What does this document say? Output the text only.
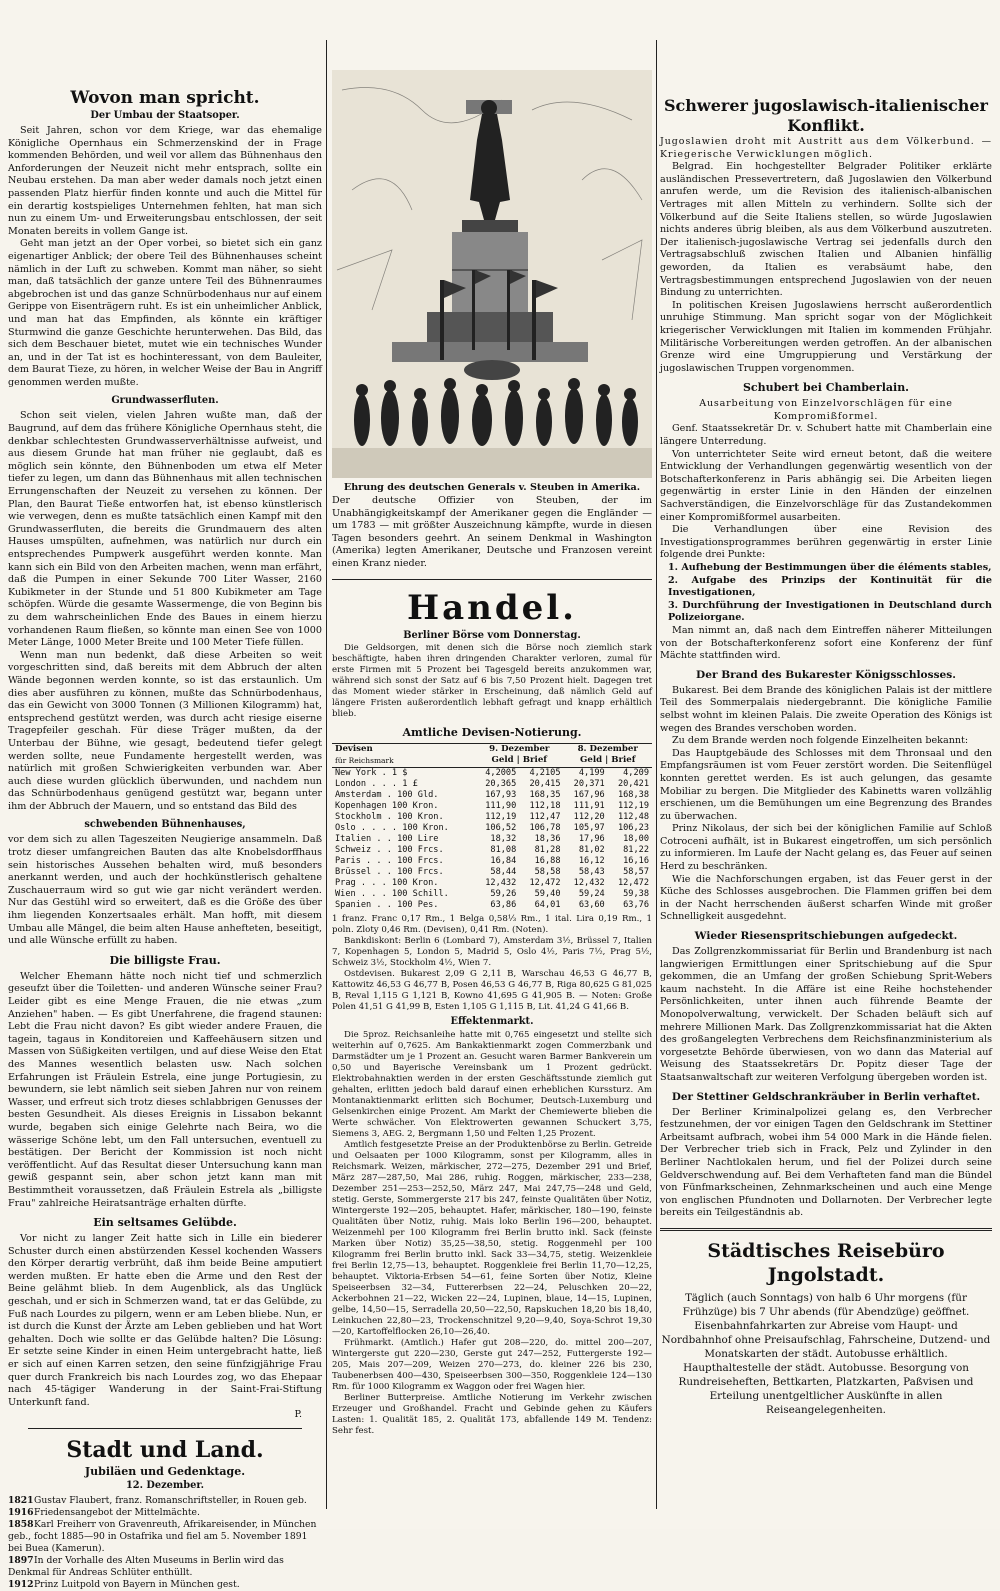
Wovon man spricht.
Der Umbau der Staatsoper.

Seit Jahren, schon vor dem Kriege, war das ehemalige Königliche Opernhaus ein Schmerzenskind der in Frage kommenden Behörden, und weil vor allem das Bühnenhaus den Anforderungen der Neuzeit nicht mehr entsprach, sollte ein Neubau erstehen. Da man aber weder damals noch jetzt einen passenden Platz hierfür finden konnte und auch die Mittel für ein derartig kostspieliges Unternehmen fehlten, hat man sich nun zu einem Um- und Erweiterungsbau entschlossen, der seit Monaten bereits in vollem Gange ist.

Geht man jetzt an der Oper vorbei, so bietet sich ein ganz eigenartiger Anblick; der obere Teil des Bühnenhauses scheint nämlich in der Luft zu schweben. Kommt man näher, so sieht man, daß tatsächlich der ganze untere Teil des Bühnenraumes abgebrochen ist und das ganze Schnürbodenhaus nur auf einem Gerippe von Eisenträgern ruht. Es ist ein unheimlicher Anblick, und man hat das Empfinden, als könnte ein kräftiger Sturmwind die ganze Geschichte herunterwehen. Das Bild, das sich dem Beschauer bietet, mutet wie ein technisches Wunder an, und in der Tat ist es hochinteressant, von dem Bauleiter, dem Baurat Tieze, zu hören, in welcher Weise der Bau in Angriff genommen werden mußte.

Grundwasserfluten.

Schon seit vielen, vielen Jahren wußte man, daß der Baugrund, auf dem das frühere Königliche Opernhaus steht, die denkbar schlechtesten Grundwasserverhältnisse aufweist, und aus diesem Grunde hat man früher nie geglaubt, daß es möglich sein könnte, den Bühnenboden um etwa elf Meter tiefer zu legen, um dann das Bühnenhaus mit allen technischen Errungenschaften der Neuzeit zu versehen zu können. Der Plan, den Baurat Tieße entworfen hat, ist ebenso künstlerisch wie verwegen, denn es mußte tatsächlich einen Kampf mit den Grundwasserfluten, die bereits die Grundmauern des alten Hauses umspülten, aufnehmen, was natürlich nur durch ein entsprechendes Pumpwerk ausgeführt werden konnte. Man kann sich ein Bild von den Arbeiten machen, wenn man erfährt, daß die Pumpen in einer Sekunde 700 Liter Wasser, 2160 Kubikmeter in der Stunde und 51 800 Kubikmeter am Tage schöpfen. Würde die gesamte Wassermenge, die von Beginn bis zu dem wahrscheinlichen Ende des Baues in einem hierzu vorhandenen Raum fließen, so könnte man einen See von 1000 Meter Länge, 1000 Meter Breite und 100 Meter Tiefe füllen.

Wenn man nun bedenkt, daß diese Arbeiten so weit vorgeschritten sind, daß bereits mit dem Abbruch der alten Wände begonnen werden konnte, so ist das erstaunlich. Um dies aber ausführen zu können, mußte das Schnürbodenhaus, das ein Gewicht von 3000 Tonnen (3 Millionen Kilogramm) hat, entsprechend gestützt werden, was durch acht riesige eiserne Tragepfeiler geschah. Für diese Träger mußten, da der Unterbau der Bühne, wie gesagt, bedeutend tiefer gelegt werden sollte, neue Fundamente hergestellt werden, was natürlich mit großen Schwierigkeiten verbunden war. Aber auch diese wurden glücklich überwunden, und nachdem nun das Schnürbodenhaus genügend gestützt war, begann unter ihm der Abbruch der Mauern, und so entstand das Bild des

schwebenden Bühnenhauses,

vor dem sich zu allen Tageszeiten Neugierige ansammeln. Daß trotz dieser umfangreichen Bauten das alte Knobelsdorffhaus sein historisches Aussehen behalten wird, muß besonders anerkannt werden, und auch der hochkünstlerisch gehaltene Zuschauerraum wird so gut wie gar nicht verändert werden. Nur das Gestühl wird so erweitert, daß es die Größe des über ihm liegenden Konzertsaales erhält. Man hofft, mit diesem Umbau alle Mängel, die beim alten Hause anhefteten, beseitigt, und alle Wünsche erfüllt zu haben.

Die billigste Frau.

Welcher Ehemann hätte noch nicht tief und schmerzlich geseufzt über die Toiletten- und anderen Wünsche seiner Frau? Leider gibt es eine Menge Frauen, die nie etwas „zum Anziehen" haben. — Es gibt Unerfahrene, die fragend staunen: Lebt die Frau nicht davon? Es gibt wieder andere Frauen, die tagein, tagaus in Konditoreien und Kaffeehäusern sitzen und Massen von Süßigkeiten vertilgen, und auf diese Weise den Etat des Mannes wesentlich belasten usw. Nach solchen Erfahrungen ist Fräulein Estrela, eine junge Portugiesin, zu bewundern, sie lebt nämlich seit sieben Jahren nur von reinem Wasser, und erfreut sich trotz dieses schlabbrigen Genusses der besten Gesundheit. Als dieses Ereignis in Lissabon bekannt wurde, begaben sich einige Gelehrte nach Beira, wo die wässerige Schöne lebt, um den Fall untersuchen, eventuell zu bestätigen. Der Bericht der Kommission ist noch nicht veröffentlicht. Auf das Resultat dieser Untersuchung kann man gewiß gespannt sein, aber schon jetzt kann man mit Bestimmtheit voraussetzen, daß Fräulein Estrela als „billigste Frau" zahlreiche Heiratsanträge erhalten dürfte.

Ein seltsames Gelübde.

Vor nicht zu langer Zeit hatte sich in Lille ein biederer Schuster durch einen abstürzenden Kessel kochenden Wassers den Körper derartig verbrüht, daß ihm beide Beine amputiert werden mußten. Er hatte eben die Arme und den Rest der Beine gelähmt blieb. In dem Augenblick, als das Unglück geschah, und er sich in Schmerzen wand, tat er das Gelübde, zu Fuß nach Lourdes zu pilgern, wenn er am Leben bliebe. Nun, er ist durch die Kunst der Ärzte am Leben geblieben und hat Wort gehalten. Doch wie sollte er das Gelübde halten? Die Lösung: Er setzte seine Kinder in einen Heim untergebracht hatte, ließ er sich auf einen Karren setzen, den seine fünfzigjährige Frau quer durch Frankreich bis nach Lourdes zog, wo das Ehepaar nach 45-tägiger Wanderung in der Saint-Frai-Stiftung Unterkunft fand.

P.
Stadt und Land.
Jubiläen und Gedenktage.
12. Dezember.

1821Gustav Flaubert, franz. Romanschriftsteller, in Rouen geb.

1916Friedensangebot der Mittelmächte.

1858Karl Freiherr von Gravenreuth, Afrikareisender, in München geb., focht 1885—90 in Ostafrika und fiel am 5. November 1891 bei Buea (Kamerun).

1897In der Vorhalle des Alten Museums in Berlin wird das Denkmal für Andreas Schlüter enthüllt.

1912Prinz Luitpold von Bayern in München gest.

Ehrung des deutschen Generals v. Steuben in Amerika.

Der deutsche Offizier von Steuben, der im Unabhängigkeitskampf der Amerikaner gegen die Engländer — um 1783 — mit größter Auszeichnung kämpfte, wurde in diesen Tagen besonders geehrt. An seinem Denkmal in Washington (Amerika) legten Amerikaner, Deutsche und Franzosen vereint einen Kranz nieder.

Handel.
Berliner Börse vom Donnerstag.

Die Geldsorgen, mit denen sich die Börse noch ziemlich stark beschäftigte, haben ihren dringenden Charakter verloren, zumal für erste Firmen mit 5 Prozent bei Tagesgeld bereits anzukommen war, während sich sonst der Satz auf 6 bis 7,50 Prozent hielt. Dagegen tret das Moment wieder stärker in Erscheinung, daß nämlich Geld auf längere Fristen außerordentlich lebhaft gefragt und knapp erhältlich blieb.

Amtliche Devisen-Notierung.
Devisen
für Reichsmark	9. Dezember
Geld | Brief		8. Dezember
Geld | Brief	
New York . 1 $	4,2005	4,2105	4,199	4,209
London . . . 1 £	20,365	20,415	20,371	20,421
Amsterdam . 100 Gld.	167,93	168,35	167,96	168,38
Kopenhagen 100 Kron.	111,90	112,18	111,91	112,19
Stockholm . 100 Kron.	112,19	112,47	112,20	112,48
Oslo . . . . 100 Kron.	106,52	106,78	105,97	106,23
Italien . . 100 Lire	18,32	18,36	17,96	18,00
Schweiz . . 100 Frcs.	81,08	81,28	81,02	81,22
Paris . . . 100 Frcs.	16,84	16,88	16,12	16,16
Brüssel . . 100 Frcs.	58,44	58,58	58,43	58,57
Prag . . . 100 Kron.	12,432	12,472	12,432	12,472
Wien . . . 100 Schill.	59,26	59,40	59,24	59,38
Spanien . . 100 Pes.	63,86	64,01	63,60	63,76

1 franz. Franc 0,17 Rm., 1 Belga 0,58⅓ Rm., 1 ital. Lira 0,19 Rm., 1 poln. Zloty 0,46 Rm. (Devisen), 0,41 Rm. (Noten).

Bankdiskont: Berlin 6 (Lombard 7), Amsterdam 3½, Brüssel 7, Italien 7, Kopenhagen 5, London 5, Madrid 5, Oslo 4½, Paris 7½, Prag 5½, Schweiz 3½, Stockholm 4½, Wien 7.

Ostdevisen. Bukarest 2,09 G 2,11 B, Warschau 46,53 G 46,77 B, Kattowitz 46,53 G 46,77 B, Posen 46,53 G 46,77 B, Riga 80,625 G 81,025 B, Reval 1,115 G 1,121 B, Kowno 41,695 G 41,905 B. — Noten: Große Polen 41,51 G 41,99 B, Esten 1,105 G 1,115 B, Lit. 41,24 G 41,66 B.

Effektenmarkt.

Die 5proz. Reichsanleihe hatte mit 0,765 eingesetzt und stellte sich weiterhin auf 0,7625. Am Bankaktienmarkt zogen Commerzbank und Darmstädter um je 1 Prozent an. Gesucht waren Barmer Bankverein um 0,50 und Bayerische Vereinsbank um 1 Prozent gedrückt. Elektrobahnaktien werden in der ersten Geschäftsstunde ziemlich gut gehalten, erlitten jedoch bald darauf einen erheblichen Kurssturz. Am Montanaktienmarkt erlitten sich Bochumer, Deutsch-Luxemburg und Gelsenkirchen einige Prozent. Am Markt der Chemiewerte blieben die Werte schwächer. Von Elektrowerten gewannen Schuckert 3,75, Siemens 3, AEG. 2, Bergmann 1,50 und Felten 1,25 Prozent.

Amtlich festgesetzte Preise an der Produktenbörse zu Berlin. Getreide und Oelsaaten per 1000 Kilogramm, sonst per Kilogramm, alles in Reichsmark. Weizen, märkischer, 272—275, Dezember 291 und Brief, März 287—287,50, Mai 286, ruhig. Roggen, märkischer, 233—238, Dezember 251—253—252,50, März 247, Mai 247,75—248 und Geld, stetig. Gerste, Sommergerste 217 bis 247, feinste Qualitäten über Notiz, Wintergerste 192—205, behauptet. Hafer, märkischer, 180—190, feinste Qualitäten über Notiz, ruhig. Mais loko Berlin 196—200, behauptet. Weizenmehl per 100 Kilogramm frei Berlin brutto inkl. Sack (feinste Marken über Notiz) 35,25—38,50, stetig. Roggenmehl per 100 Kilogramm frei Berlin brutto inkl. Sack 33—34,75, stetig. Weizenkleie frei Berlin 12,75—13, behauptet. Roggenkleie frei Berlin 11,70—12,25, behauptet. Viktoria-Erbsen 54—61, feine Sorten über Notiz, Kleine Speiseerbsen 32—34, Futtererbsen 22—24, Peluschken 20—22, Ackerbohnen 21—22, Wicken 22—24, Lupinen, blaue, 14—15, Lupinen, gelbe, 14,50—15, Serradella 20,50—22,50, Rapskuchen 18,20 bis 18,40, Leinkuchen 22,80—23, Trockenschnitzel 9,20—9,40, Soya-Schrot 19,30—20, Kartoffelflocken 26,10—26,40.

Frühmarkt. (Amtlich.) Hafer gut 208—220, do. mittel 200—207, Wintergerste gut 220—230, Gerste gut 247—252, Futtergerste 192—205, Mais 207—209, Weizen 270—273, do. kleiner 226 bis 230, Taubenerbsen 400—430, Speiseerbsen 300—350, Roggenkleie 124—130 Rm. für 1000 Kilogramm ex Waggon oder frei Wagen hier.

Berliner Butterpreise. Amtliche Notierung im Verkehr zwischen Erzeuger und Großhandel. Fracht und Gebinde gehen zu Käufers Lasten: 1. Qualität 185, 2. Qualität 173, abfallende 149 M. Tendenz: Sehr fest.

Schwerer jugoslawisch-italienischer Konflikt.

Jugoslawien droht mit Austritt aus dem Völkerbund. — Kriegerische Verwicklungen möglich.

Belgrad. Ein hochgestellter Belgrader Politiker erklärte ausländischen Pressevertretern, daß Jugoslawien den Völkerbund anrufen werde, um die Revision des italienisch-albanischen Vertrages mit allen Mitteln zu verhindern. Sollte sich der Völkerbund auf die Seite Italiens stellen, so würde Jugoslawien nichts anderes übrig bleiben, als aus dem Völkerbund auszutreten. Der italienisch-jugoslawische Vertrag sei jedenfalls durch den Vertragsabschluß zwischen Italien und Albanien hinfällig geworden, da Italien es verabsäumt habe, den Vertragsbestimmungen entsprechend Jugoslawien von der neuen Bindung zu unterrichten.

In politischen Kreisen Jugoslawiens herrscht außerordentlich unruhige Stimmung. Man spricht sogar von der Möglichkeit kriegerischer Verwicklungen mit Italien im kommenden Frühjahr. Militärische Vorbereitungen werden getroffen. An der albanischen Grenze wird eine Umgruppierung und Verstärkung der jugoslawischen Truppen vorgenommen.

Schubert bei Chamberlain.

Ausarbeitung von Einzelvorschlägen für eine Kompromißformel.

Genf. Staatssekretär Dr. v. Schubert hatte mit Chamberlain eine längere Unterredung.

Von unterrichteter Seite wird erneut betont, daß die weitere Entwicklung der Verhandlungen gegenwärtig wesentlich von der Botschafterkonferenz in Paris abhängig sei. Die Arbeiten liegen gegenwärtig in erster Linie in den Händen der einzelnen Sachverständigen, die Einzelvorschläge für das Zustandekommen einer Kompromißformel ausarbeiten.

Die Verhandlungen über eine Revision des Investigationsprogrammes berühren gegenwärtig in erster Linie folgende drei Punkte:

1. Aufhebung der Bestimmungen über die éléments stables,

2. Aufgabe des Prinzips der Kontinuität für die Investigationen,

3. Durchführung der Investigationen in Deutschland durch Polizeiorgane.

Man nimmt an, daß nach dem Eintreffen näherer Mitteilungen von der Botschafterkonferenz sofort eine Konferenz der fünf Mächte stattfinden wird.

Der Brand des Bukarester Königsschlosses.

Bukarest. Bei dem Brande des königlichen Palais ist der mittlere Teil des Sommerpalais niedergebrannt. Die königliche Familie selbst wohnt im kleinen Palais. Die zweite Operation des Königs ist wegen des Brandes verschoben worden.

Zu dem Brande werden noch folgende Einzelheiten bekannt:

Das Hauptgebäude des Schlosses mit dem Thronsaal und den Empfangsräumen ist vom Feuer zerstört worden. Die Seitenflügel konnten gerettet werden. Es ist auch gelungen, das gesamte Mobiliar zu bergen. Die Mitglieder des Kabinetts waren vollzählig erschienen, um die Bemühungen um eine Begrenzung des Brandes zu überwachen.

Prinz Nikolaus, der sich bei der königlichen Familie auf Schloß Cotroceni aufhält, ist in Bukarest eingetroffen, um sich persönlich zu informieren. Im Laufe der Nacht gelang es, das Feuer auf seinen Herd zu beschränken.

Wie die Nachforschungen ergaben, ist das Feuer gerst in der Küche des Schlosses ausgebrochen. Die Flammen griffen bei dem in der Nacht herrschenden äußerst scharfen Winde mit großer Schnelligkeit ausgedehnt.

Wieder Riesenspritschiebungen aufgedeckt.

Das Zollgrenzkommissariat für Berlin und Brandenburg ist nach langwierigen Ermittlungen einer Spritschiebung auf die Spur gekommen, die an Umfang der großen Schiebung Sprit-Webers kaum nachsteht. In die Affäre ist eine Reihe hochstehender Persönlichkeiten, unter ihnen auch führende Beamte der Monopolverwaltung, verwickelt. Der Schaden beläuft sich auf mehrere Millionen Mark. Das Zollgrenzkommissariat hat die Akten des großangelegten Verbrechens dem Reichsfinanzministerium als vorgesetzte Behörde überwiesen, von wo dann das Material auf Weisung des Staatssekretärs Dr. Popitz dieser Tage der Staatsanwaltschaft zur weiteren Verfolgung übergeben worden ist.

Der Stettiner Geldschrankräuber in Berlin verhaftet.

Der Berliner Kriminalpolizei gelang es, den Verbrecher festzunehmen, der vor einigen Tagen den Geldschrank im Stettiner Arbeitsamt aufbrach, wobei ihm 54 000 Mark in die Hände fielen. Der Verbrecher trieb sich in Frack, Pelz und Zylinder in den Berliner Nachtlokalen herum, und fiel der Polizei durch seine Geldverschwendung auf. Bei dem Verhafteten fand man die Bündel von Fünfmarkscheinen, Zehnmarkscheinen und auch eine Menge von englischen Pfundnoten und Dollarnoten. Der Verbrecher legte bereits ein Teilgeständnis ab.

Städtisches Reisebüro Jngolstadt.

Täglich (auch Sonntags) von halb 6 Uhr morgens (für Frühzüge) bis 7 Uhr abends (für Abendzüge) geöffnet. Eisenbahnfahrkarten zur Abreise vom Haupt- und Nordbahnhof ohne Preisaufschlag, Fahrscheine, Dutzend- und Monatskarten der städt. Autobusse erhältlich. Haupthaltestelle der städt. Autobusse. Besorgung von Rundreiseheften, Bettkarten, Platzkarten, Paßvisen und Erteilung unentgeltlicher Auskünfte in allen Reiseangelegenheiten.
